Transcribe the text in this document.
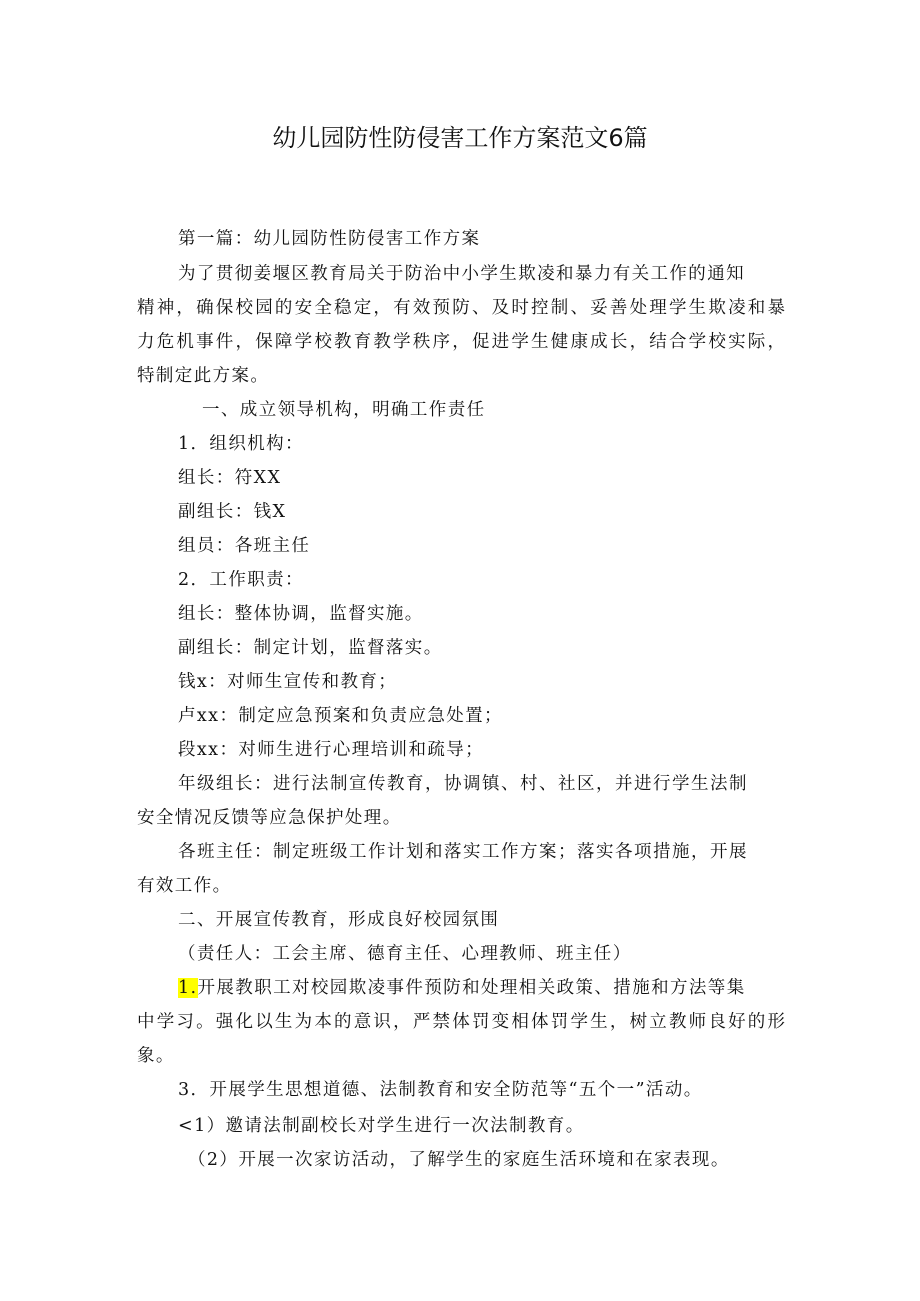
幼儿园防性防侵害工作方案范文6篇
第一篇：幼儿园防性防侵害工作方案
为了贯彻姜堰区教育局关于防治中小学生欺凌和暴力有关工作的通知
精神，确保校园的安全稳定，有效预防、及时控制、妥善处理学生欺凌和暴
力危机事件，保障学校教育教学秩序，促进学生健康成长，结合学校实际，
特制定此方案。
一、成立领导机构，明确工作责任
1．组织机构：
组长：符XX
副组长：钱X
组员：各班主任
2．工作职责：
组长：整体协调，监督实施。
副组长：制定计划，监督落实。
钱x：对师生宣传和教育；
卢xx：制定应急预案和负责应急处置；
段xx：对师生进行心理培训和疏导；
年级组长：进行法制宣传教育，协调镇、村、社区，并进行学生法制
安全情况反馈等应急保护处理。
各班主任：制定班级工作计划和落实工作方案；落实各项措施，开展
有效工作。
二、开展宣传教育，形成良好校园氛围
（责任人：工会主席、德育主任、心理教师、班主任）
1.开展教职工对校园欺凌事件预防和处理相关政策、措施和方法等集
中学习。强化以生为本的意识，严禁体罚变相体罚学生，树立教师良好的形
象。
3．开展学生思想道德、法制教育和安全防范等“五个一”活动。
<1）邀请法制副校长对学生进行一次法制教育。
（2）开展一次家访活动，了解学生的家庭生活环境和在家表现。
